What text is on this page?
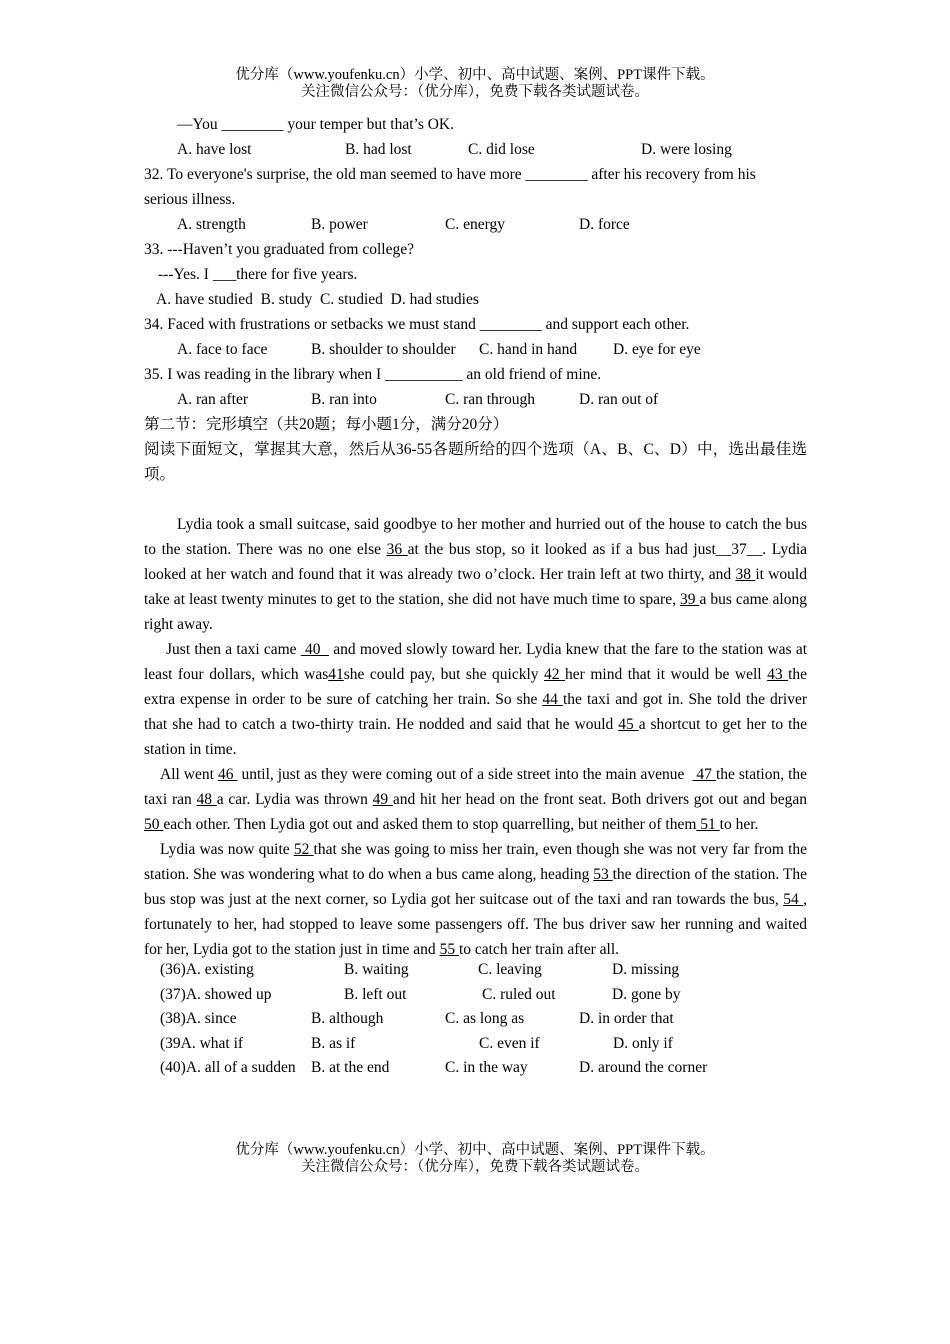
优分库（www.youfenku.cn）小学、初中、高中试题、案例、PPT课件下载。
关注微信公众号：（优分库），免费下载各类试题试卷。
—You ________ your temper but that’s OK.
A. have lost	B. had lost	C. did lose	D. were losing
32. To everyone's surprise, the old man seemed to have more ________ after his recovery from his
serious illness.
A. strength	B. power	C. energy	D. force
33. ---Haven’t you graduated from college?
---Yes. I ___there for five years.
A. have studied  B. study  C. studied  D. had studies
34. Faced with frustrations or setbacks we must stand ________ and support each other.
A. face to face	B. shoulder to shoulder	C. hand in hand	D. eye for eye
35. I was reading in the library when I __________ an old friend of mine.
A. ran after	B. ran into	C. ran through	D. ran out of
第二节：完形填空（共20题；每小题1分，满分20分）
阅读下面短文，掌握其大意，然后从36-55各题所给的四个选项（A、B、C、D）中，选出最佳选项。
Lydia took a small suitcase, said goodbye to her mother and hurried out of the house to catch the bus to the station. There was no one else 36 at the bus stop, so it looked as if a bus had just__37__. Lydia looked at her watch and found that it was already two o’clock. Her train left at two thirty, and 38 it would take at least twenty minutes to get to the station, she did not have much time to spare, 39 a bus came along right away.
Just then a taxi came  40   and moved slowly toward her. Lydia knew that the fare to the station was at least four dollars, which was41she could pay, but she quickly 42 her mind that it would be well 43 the extra expense in order to be sure of catching her train. So she 44 the taxi and got in. She told the driver that she had to catch a two-thirty train. He nodded and said that he would 45 a shortcut to get her to the station in time.
All went 46  until, just as they were coming out of a side street into the main avenue   47 the station, the taxi ran 48 a car. Lydia was thrown 49 and hit her head on the front seat. Both drivers got out and began 50 each other. Then Lydia got out and asked them to stop quarrelling, but neither of them 51 to her.
Lydia was now quite 52 that she was going to miss her train, even though she was not very far from the station. She was wondering what to do when a bus came along, heading 53 the direction of the station. The bus stop was just at the next corner, so Lydia got her suitcase out of the taxi and ran towards the bus, 54 , fortunately to her, had stopped to leave some passengers off. The bus driver saw her running and waited for her, Lydia got to the station just in time and 55 to catch her train after all.
(36)A. existing	B. waiting	C. leaving	D. missing
(37)A. showed up	B. left out	C. ruled out	D. gone by
(38)A. since	B. although	C. as long as	D. in order that
(39A. what if	B. as if	C. even if	D. only if
(40)A. all of a sudden B. at the end	C. in the way	D. around the corner
优分库（www.youfenku.cn）小学、初中、高中试题、案例、PPT课件下载。
关注微信公众号：（优分库），免费下载各类试题试卷。
